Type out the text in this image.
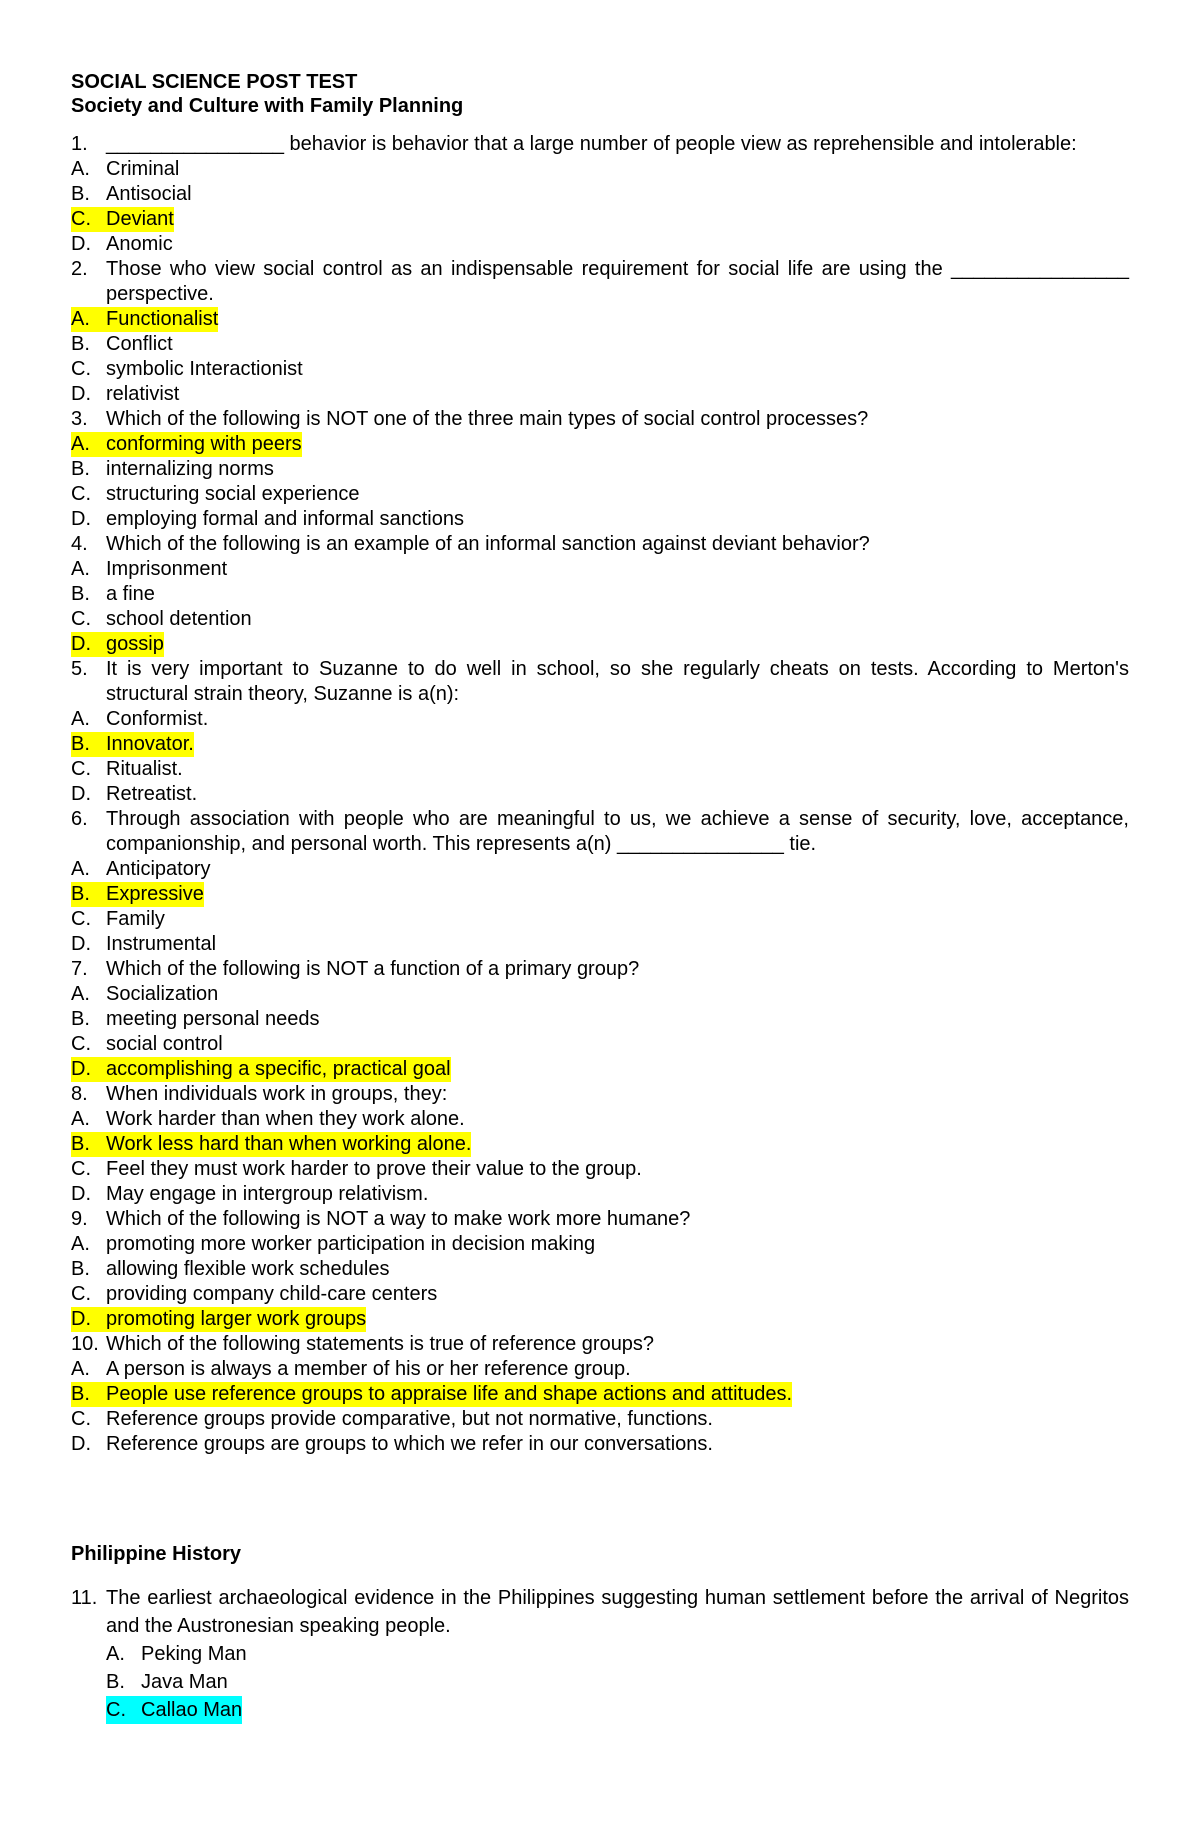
SOCIAL SCIENCE POST TEST
Society and Culture with Family Planning
1. ________________ behavior is behavior that a large number of people view as reprehensible and intolerable:
A. Criminal
B. Antisocial
C. Deviant
D. Anomic
2. Those who view social control as an indispensable requirement for social life are using the ________________ perspective.
A. Functionalist
B. Conflict
C. symbolic Interactionist
D. relativist
3. Which of the following is NOT one of the three main types of social control processes?
A. conforming with peers
B. internalizing norms
C. structuring social experience
D. employing formal and informal sanctions
4. Which of the following is an example of an informal sanction against deviant behavior?
A. Imprisonment
B. a fine
C. school detention
D. gossip
5. It is very important to Suzanne to do well in school, so she regularly cheats on tests. According to Merton's structural strain theory, Suzanne is a(n):
A. Conformist.
B. Innovator.
C. Ritualist.
D. Retreatist.
6. Through association with people who are meaningful to us, we achieve a sense of security, love, acceptance, companionship, and personal worth. This represents a(n) _______________ tie.
A. Anticipatory
B. Expressive
C. Family
D. Instrumental
7. Which of the following is NOT a function of a primary group?
A. Socialization
B. meeting personal needs
C. social control
D. accomplishing a specific, practical goal
8. When individuals work in groups, they:
A. Work harder than when they work alone.
B. Work less hard than when working alone.
C. Feel they must work harder to prove their value to the group.
D. May engage in intergroup relativism.
9. Which of the following is NOT a way to make work more humane?
A. promoting more worker participation in decision making
B. allowing flexible work schedules
C. providing company child-care centers
D. promoting larger work groups
10. Which of the following statements is true of reference groups?
A. A person is always a member of his or her reference group.
B. People use reference groups to appraise life and shape actions and attitudes.
C. Reference groups provide comparative, but not normative, functions.
D. Reference groups are groups to which we refer in our conversations.
Philippine History
11. The earliest archaeological evidence in the Philippines suggesting human settlement before the arrival of Negritos and the Austronesian speaking people.
A. Peking Man
B. Java Man
C. Callao Man
